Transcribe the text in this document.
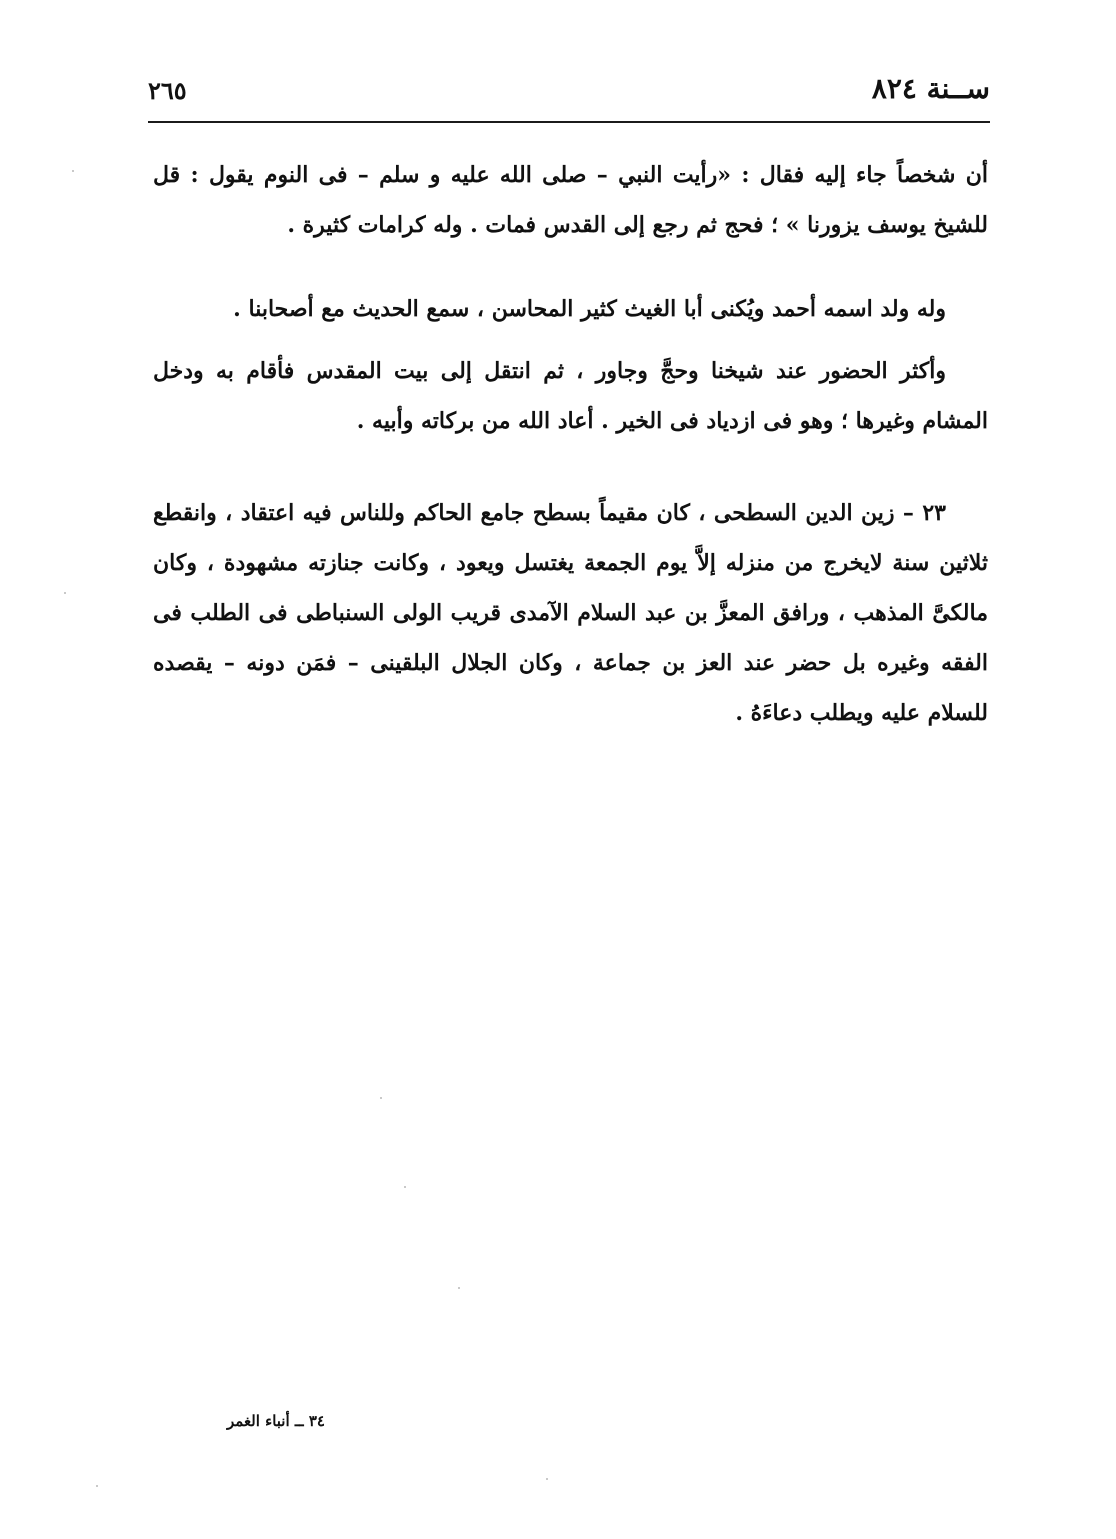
٢٦٥	ســنة ٨٢٤

أن شخصاً جاء إليه فقال : «رأيت النبي – صلى الله عليه و سلم – فى النوم يقول : قل للشيخ يوسف يزورنا » ؛ فحج ثم رجع إلى القدس فمات . وله كرامات كثيرة .

وله ولد اسمه أحمد ويُكنى أبا الغيث كثير المحاسن ، سمع الحديث مع أصحابنا .

وأكثر الحضور عند شيخنا وحجَّ وجاور ، ثم انتقل إلى بيت المقدس فأقام به ودخل المشام وغيرها ؛ وهو فى ازدياد فى الخير . أعاد الله من بركاته وأبيه .

٢٣ – زين الدين السطحى ، كان مقيماً بسطح جامع الحاكم وللناس فيه اعتقاد ، وانقطع ثلاثين سنة لايخرج من منزله إلاَّ يوم الجمعة يغتسل ويعود ، وكانت جنازته مشهودة ، وكان مالكىَّ المذهب ، ورافق المعزَّ بن عبد السلام الآمدى قريب الولى السنباطى فى الطلب فى الفقه وغيره بل حضر عند العز بن جماعة ، وكان الجلال البلقينى – فمَن دونه – يقصده للسلام عليه ويطلب دعاءَهُ .

٣٤ ــ أنباء الغمر
